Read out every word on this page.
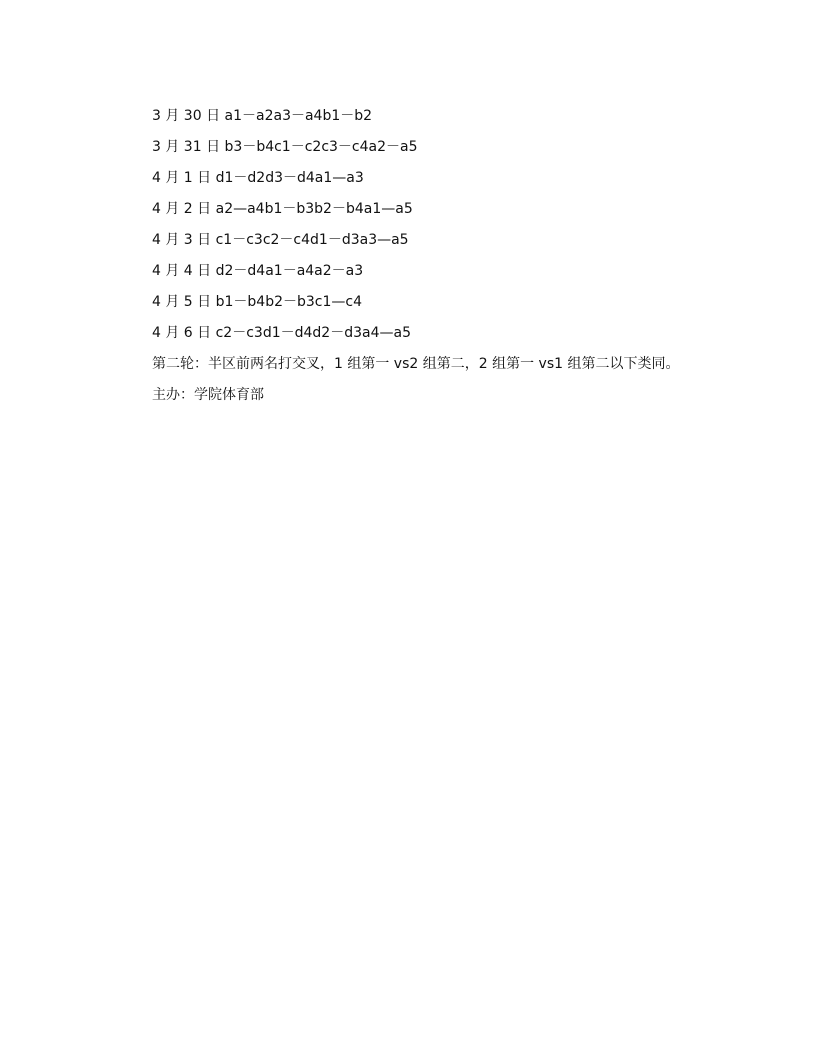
3 月 30 日 a1－a2a3－a4b1－b2
3 月 31 日 b3－b4c1－c2c3－c4a2－a5
4 月 1 日 d1－d2d3－d4a1—a3
4 月 2 日 a2—a4b1－b3b2－b4a1—a5
4 月 3 日 c1－c3c2－c4d1－d3a3—a5
4 月 4 日 d2－d4a1－a4a2－a3
4 月 5 日 b1－b4b2－b3c1—c4
4 月 6 日 c2－c3d1－d4d2－d3a4—a5
第二轮：半区前两名打交叉，1 组第一 vs2 组第二，2 组第一 vs1 组第二以下类同。
主办：学院体育部
